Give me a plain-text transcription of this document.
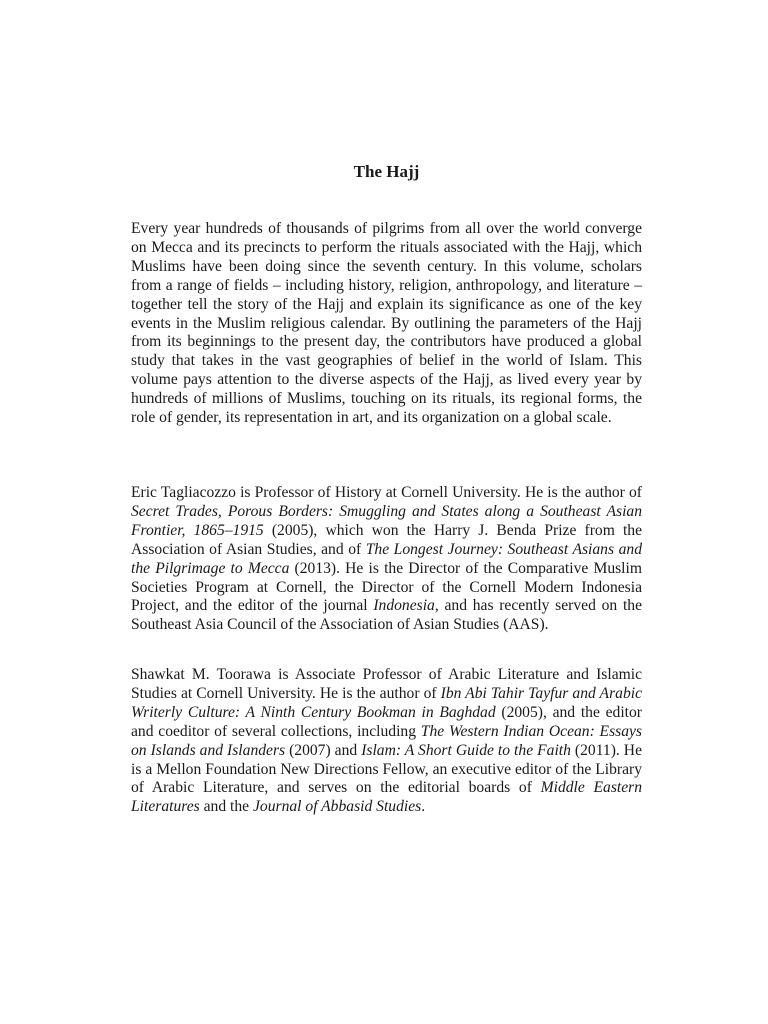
The Hajj

Every year hundreds of thousands of pilgrims from all over the world converge on Mecca and its precincts to perform the rituals associated with the Hajj, which Muslims have been doing since the seventh century. In this volume, scholars from a range of fields – including history, religion, anthropology, and literature – together tell the story of the Hajj and explain its significance as one of the key events in the Muslim religious calendar. By outlining the parameters of the Hajj from its beginnings to the present day, the contributors have produced a global study that takes in the vast geographies of belief in the world of Islam. This volume pays attention to the diverse aspects of the Hajj, as lived every year by hundreds of millions of Muslims, touching on its rituals, its regional forms, the role of gender, its representation in art, and its organization on a global scale.

Eric Tagliacozzo is Professor of History at Cornell University. He is the author of Secret Trades, Porous Borders: Smuggling and States along a Southeast Asian Frontier, 1865–1915 (2005), which won the Harry J. Benda Prize from the Association of Asian Studies, and of The Longest Journey: Southeast Asians and the Pilgrimage to Mecca (2013). He is the Director of the Comparative Muslim Societies Program at Cornell, the Director of the Cornell Modern Indonesia Project, and the editor of the journal Indonesia, and has recently served on the Southeast Asia Council of the Association of Asian Studies (AAS).

Shawkat M. Toorawa is Associate Professor of Arabic Literature and Islamic Studies at Cornell University. He is the author of Ibn Abi Tahir Tayfur and Arabic Writerly Culture: A Ninth Century Bookman in Baghdad (2005), and the editor and coeditor of several collections, including The Western Indian Ocean: Essays on Islands and Islanders (2007) and Islam: A Short Guide to the Faith (2011). He is a Mellon Foundation New Directions Fellow, an executive editor of the Library of Arabic Literature, and serves on the editorial boards of Middle Eastern Literatures and the Journal of Abbasid Studies.
